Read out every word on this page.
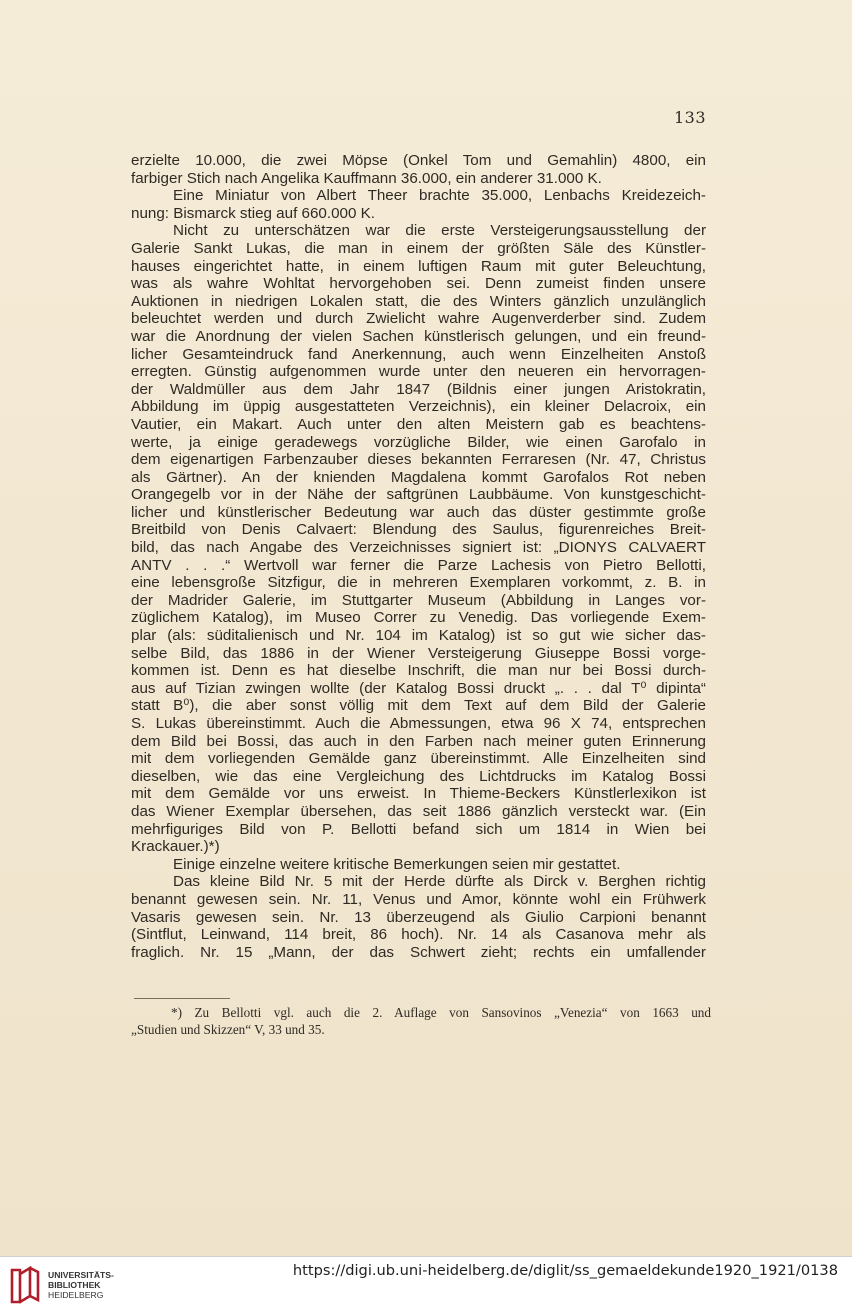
133
erzielte 10.000, die zwei Möpse (Onkel Tom und Gemahlin) 4800, ein
farbiger Stich nach Angelika Kauffmann 36.000, ein anderer 31.000 K.
Eine Miniatur von Albert Theer brachte 35.000, Lenbachs Kreidezeich-
nung: Bismarck stieg auf 660.000 K.
Nicht zu unterschätzen war die erste Versteigerungsausstellung der
Galerie Sankt Lukas, die man in einem der größten Säle des Künstler-
hauses eingerichtet hatte, in einem luftigen Raum mit guter Beleuchtung,
was als wahre Wohltat hervorgehoben sei. Denn zumeist finden unsere
Auktionen in niedrigen Lokalen statt, die des Winters gänzlich unzulänglich
beleuchtet werden und durch Zwielicht wahre Augenverderber sind. Zudem
war die Anordnung der vielen Sachen künstlerisch gelungen, und ein freund-
licher Gesamteindruck fand Anerkennung, auch wenn Einzelheiten Anstoß
erregten. Günstig aufgenommen wurde unter den neueren ein hervorragen-
der Waldmüller aus dem Jahr 1847 (Bildnis einer jungen Aristokratin,
Abbildung im üppig ausgestatteten Verzeichnis), ein kleiner Delacroix, ein
Vautier, ein Makart. Auch unter den alten Meistern gab es beachtens-
werte, ja einige geradewegs vorzügliche Bilder, wie einen Garofalo in
dem eigenartigen Farbenzauber dieses bekannten Ferraresen (Nr. 47, Christus
als Gärtner). An der knienden Magdalena kommt Garofalos Rot neben
Orangegelb vor in der Nähe der saftgrünen Laubbäume. Von kunstgeschicht-
licher und künstlerischer Bedeutung war auch das düster gestimmte große
Breitbild von Denis Calvaert: Blendung des Saulus, figurenreiches Breit-
bild, das nach Angabe des Verzeichnisses signiert ist: „DIONYS CALVAERT
ANTV . . .“ Wertvoll war ferner die Parze Lachesis von Pietro Bellotti,
eine lebensgroße Sitzfigur, die in mehreren Exemplaren vorkommt, z. B. in
der Madrider Galerie, im Stuttgarter Museum (Abbildung in Langes vor-
züglichem Katalog), im Museo Correr zu Venedig. Das vorliegende Exem-
plar (als: süditalienisch und Nr. 104 im Katalog) ist so gut wie sicher das-
selbe Bild, das 1886 in der Wiener Versteigerung Giuseppe Bossi vorge-
kommen ist. Denn es hat dieselbe Inschrift, die man nur bei Bossi durch-
aus auf Tizian zwingen wollte (der Katalog Bossi druckt „. . . dal T⁰ dipinta“
statt B⁰), die aber sonst völlig mit dem Text auf dem Bild der Galerie
S. Lukas übereinstimmt. Auch die Abmessungen, etwa 96 X 74, entsprechen
dem Bild bei Bossi, das auch in den Farben nach meiner guten Erinnerung
mit dem vorliegenden Gemälde ganz übereinstimmt. Alle Einzelheiten sind
dieselben, wie das eine Vergleichung des Lichtdrucks im Katalog Bossi
mit dem Gemälde vor uns erweist. In Thieme-Beckers Künstlerlexikon ist
das Wiener Exemplar übersehen, das seit 1886 gänzlich versteckt war. (Ein
mehrfiguriges Bild von P. Bellotti befand sich um 1814 in Wien bei
Krackauer.)*)
Einige einzelne weitere kritische Bemerkungen seien mir gestattet.
Das kleine Bild Nr. 5 mit der Herde dürfte als Dirck v. Berghen richtig
benannt gewesen sein. Nr. 11, Venus und Amor, könnte wohl ein Frühwerk
Vasaris gewesen sein. Nr. 13 überzeugend als Giulio Carpioni benannt
(Sintflut, Leinwand, 114 breit, 86 hoch). Nr. 14 als Casanova mehr als
fraglich. Nr. 15 „Mann, der das Schwert zieht; rechts ein umfallender
*) Zu Bellotti vgl. auch die 2. Auflage von Sansovinos „Venezia“ von 1663 und
„Studien und Skizzen“ V, 33 und 35.
UNIVERSITÄTS-
BIBLIOTHEK
HEIDELBERG
https://digi.ub.uni-heidelberg.de/diglit/ss_gemaeldekunde1920_1921/0138
